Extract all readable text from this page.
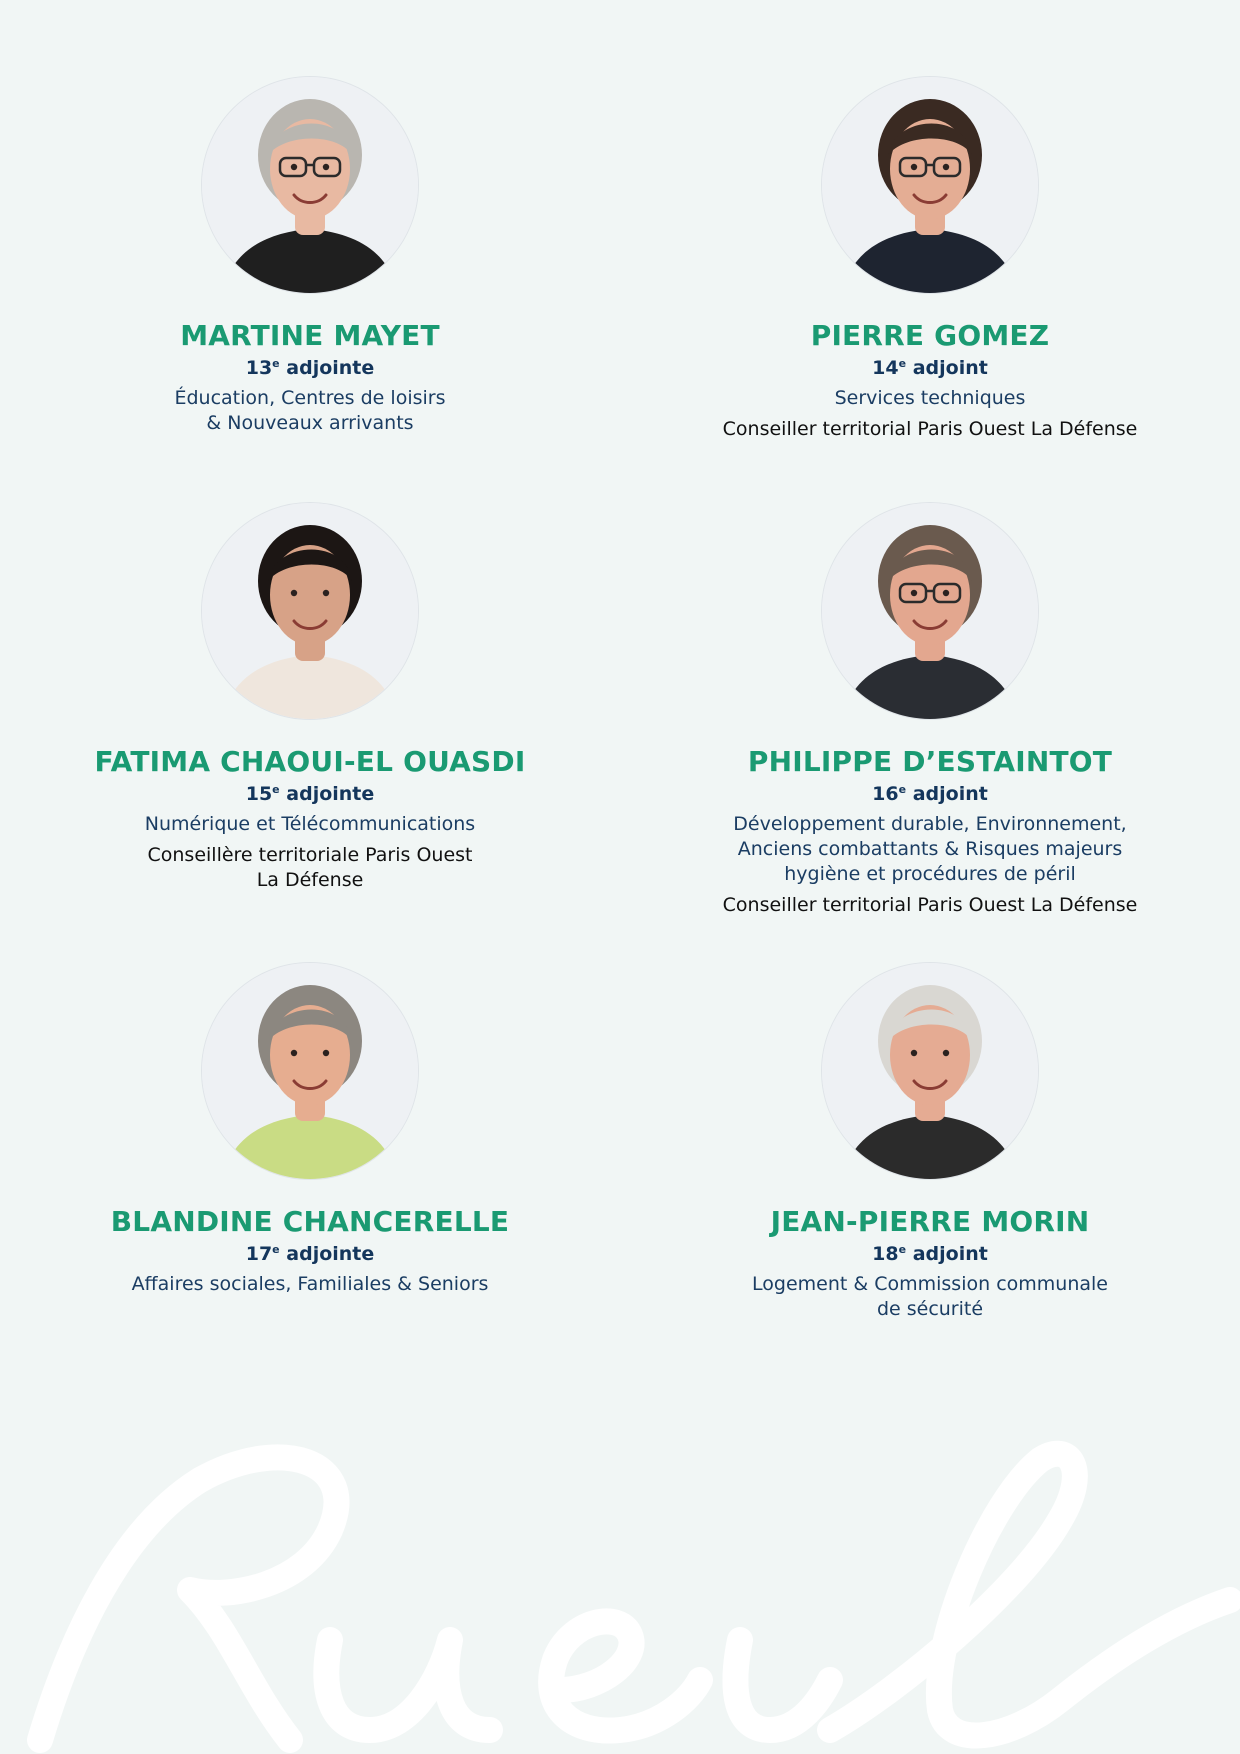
MARTINE MAYET
13e adjointe
Éducation, Centres de loisirs
& Nouveaux arrivants
PIERRE GOMEZ
14e adjoint
Services techniques
Conseiller territorial Paris Ouest La Défense
FATIMA CHAOUI-EL OUASDI
15e adjointe
Numérique et Télécommunications
Conseillère territoriale Paris Ouest
La Défense
PHILIPPE D’ESTAINTOT
16e adjoint
Développement durable, Environnement,
Anciens combattants & Risques majeurs
hygiène et procédures de péril
Conseiller territorial Paris Ouest La Défense
BLANDINE CHANCERELLE
17e adjointe
Affaires sociales, Familiales & Seniors
JEAN-PIERRE MORIN
18e adjoint
Logement & Commission communale
de sécurité
